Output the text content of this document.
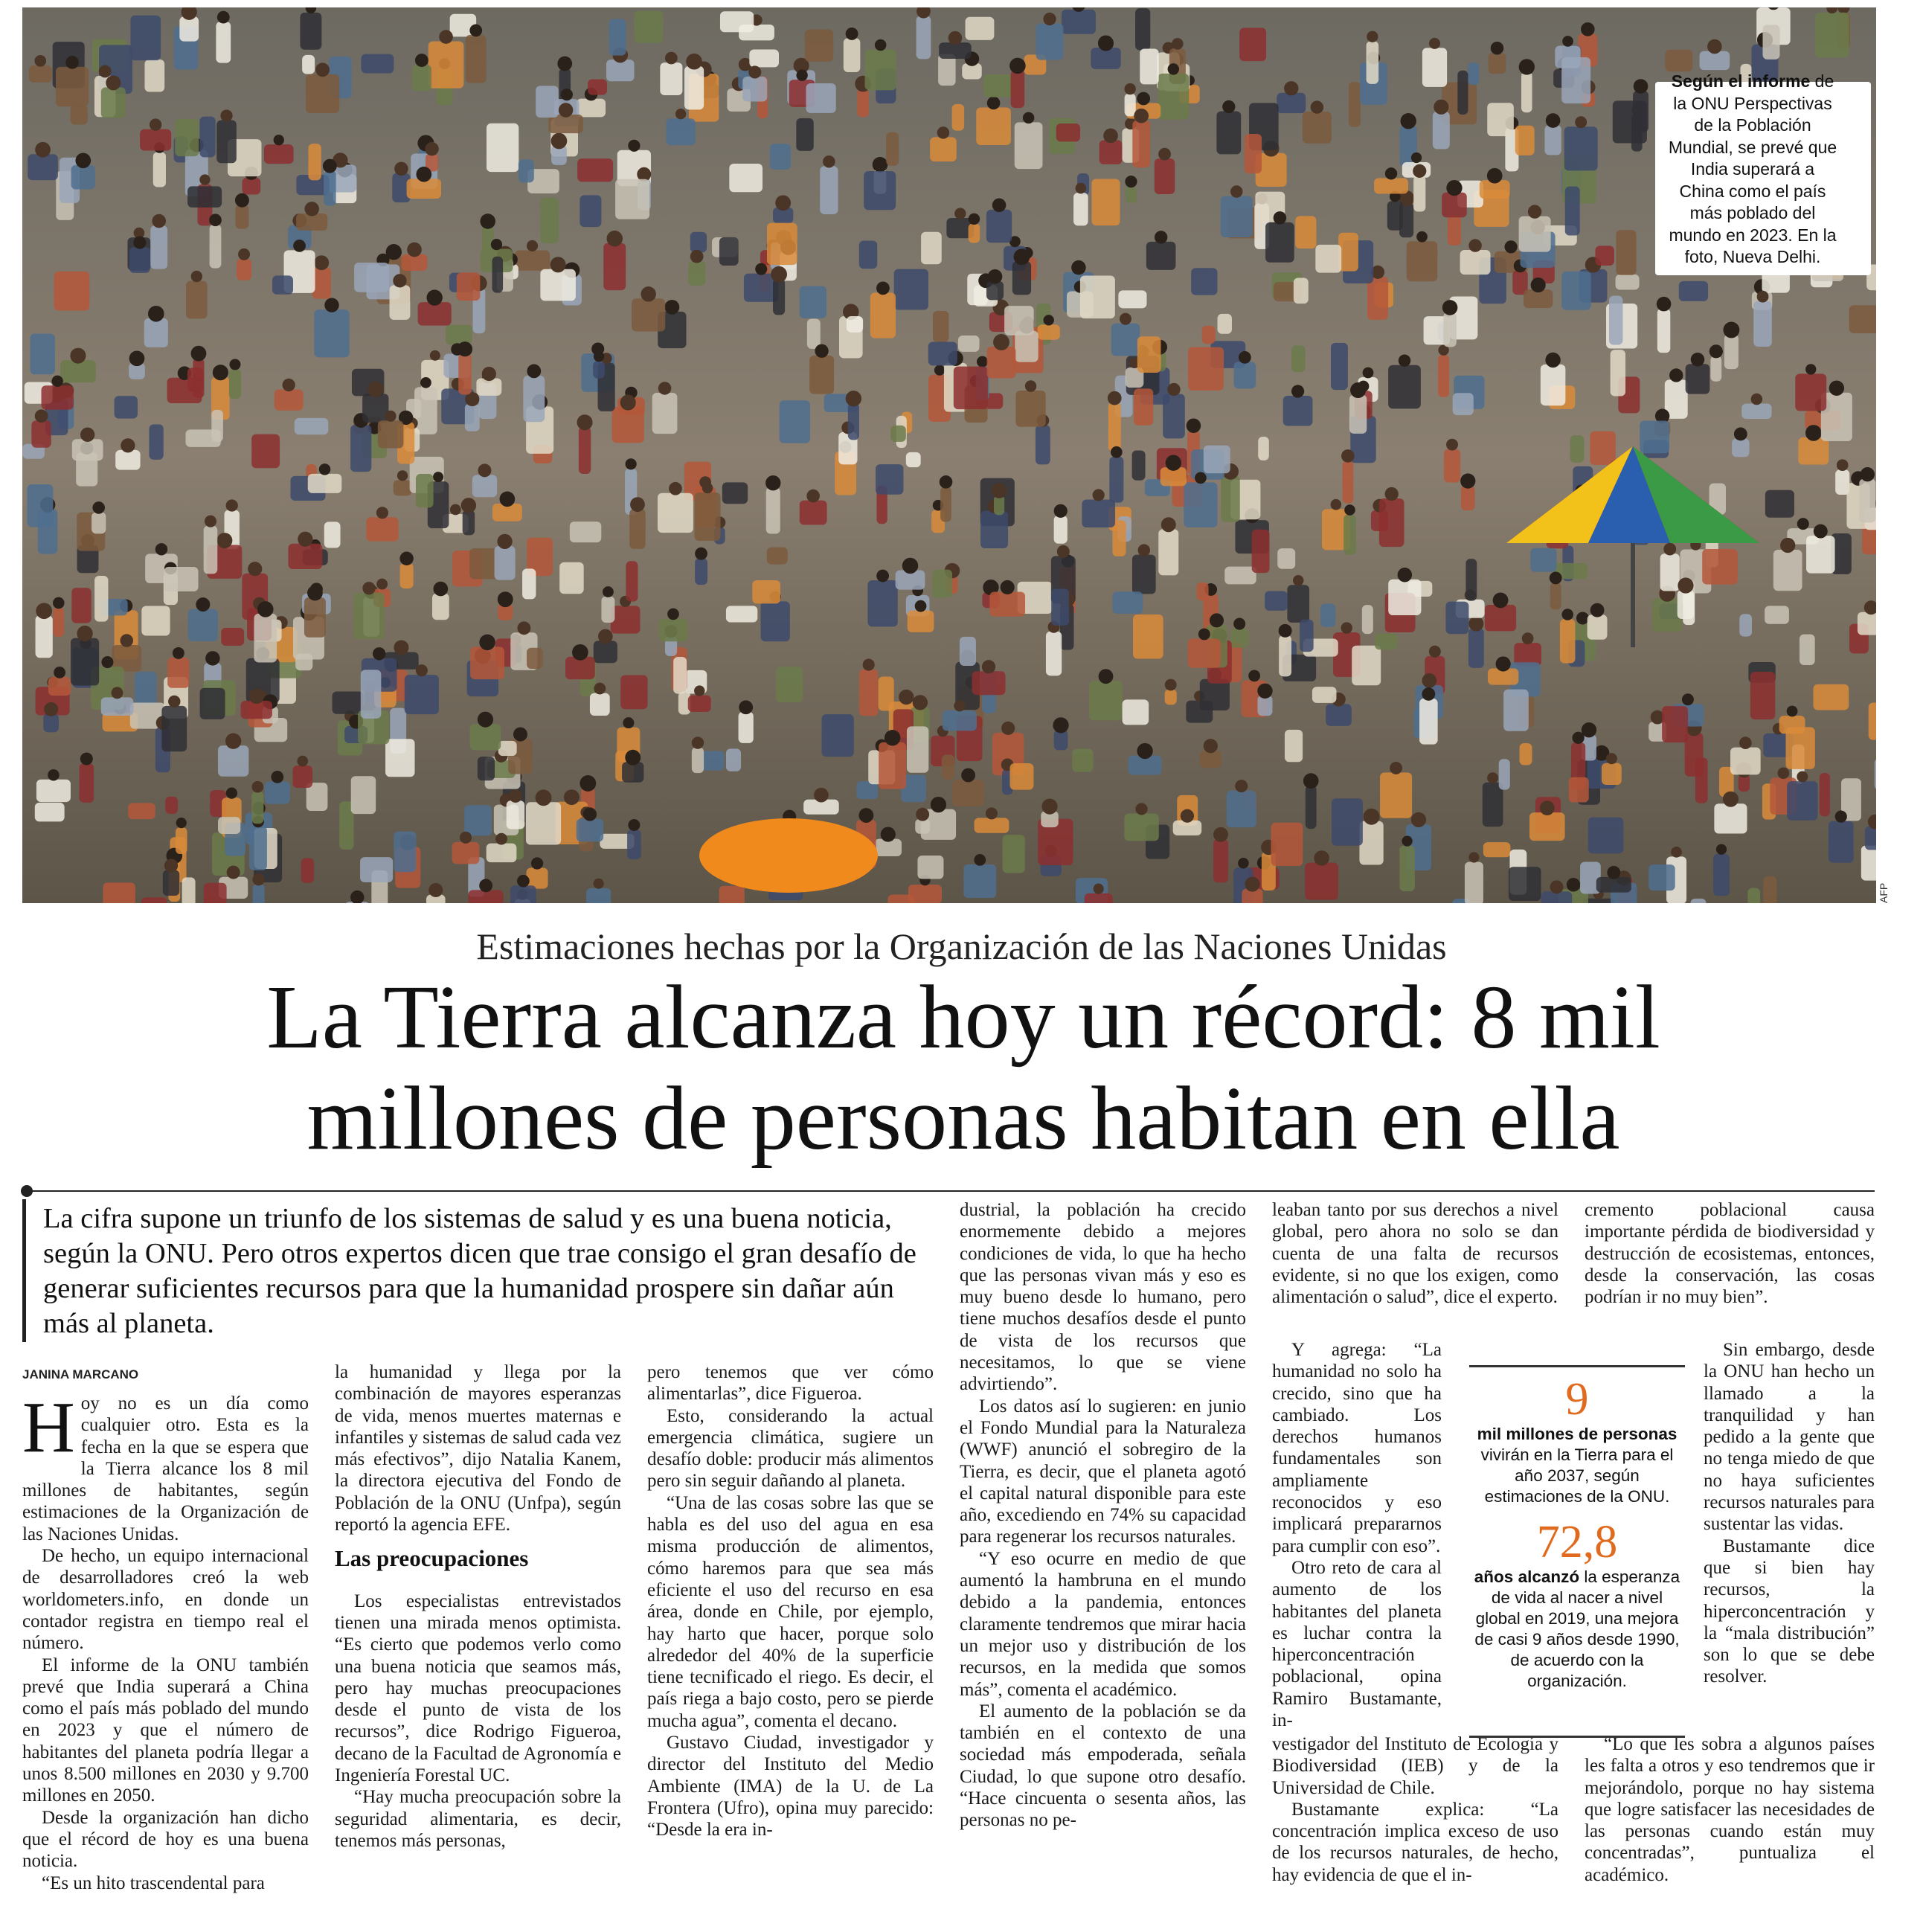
AFP
Según el informe de la ONU Perspectivas de la Población Mundial, se prevé que India superará a China como el país más poblado del mundo en 2023. En la foto, Nueva Delhi.
Estimaciones hechas por la Organización de las Naciones Unidas
La Tierra alcanza hoy un récord: 8 mil millones de personas habitan en ella
La cifra supone un triunfo de los sistemas de salud y es una buena noticia, según la ONU. Pero otros expertos dicen que trae consigo el gran desafío de generar suficientes recursos para que la humanidad prospere sin dañar aún más al planeta.
JANINA MARCANO

Hoy no es un día como cualquier otro. Esta es la fecha en la que se espera que la Tierra alcance los 8 mil millones de habitantes, según estimaciones de la Organización de las Naciones Unidas.

De hecho, un equipo internacional de desarrolladores creó la web worldometers.info, en donde un contador registra en tiempo real el número.

El informe de la ONU también prevé que India superará a China como el país más poblado del mundo en 2023 y que el número de habitantes del planeta podría llegar a unos 8.500 millones en 2030 y 9.700 millones en 2050.

Desde la organización han dicho que el récord de hoy es una buena noticia.

“Es un hito trascendental para

la humanidad y llega por la combinación de mayores esperanzas de vida, menos muertes maternas e infantiles y sistemas de salud cada vez más efectivos”, dijo Natalia Kanem, la directora ejecutiva del Fondo de Población de la ONU (Unfpa), según reportó la agencia EFE.

Las preocupaciones

Los especialistas entrevistados tienen una mirada menos optimista. “Es cierto que podemos verlo como una buena noticia que seamos más, pero hay muchas preocupaciones desde el punto de vista de los recursos”, dice Rodrigo Figueroa, decano de la Facultad de Agronomía e Ingeniería Forestal UC.

“Hay mucha preocupación sobre la seguridad alimentaria, es decir, tenemos más personas,

pero tenemos que ver cómo alimentarlas”, dice Figueroa.

Esto, considerando la actual emergencia climática, sugiere un desafío doble: producir más alimentos pero sin seguir dañando al planeta.

“Una de las cosas sobre las que se habla es del uso del agua en esa misma producción de alimentos, cómo haremos para que sea más eficiente el uso del recurso en esa área, donde en Chile, por ejemplo, hay harto que hacer, porque solo alrededor del 40% de la superficie tiene tecnificado el riego. Es decir, el país riega a bajo costo, pero se pierde mucha agua”, comenta el decano.

Gustavo Ciudad, investigador y director del Instituto del Medio Ambiente (IMA) de la U. de La Frontera (Ufro), opina muy parecido: “Desde la era in-

dustrial, la población ha crecido enormemente debido a mejores condiciones de vida, lo que ha hecho que las personas vivan más y eso es muy bueno desde lo humano, pero tiene muchos desafíos desde el punto de vista de los recursos que necesitamos, lo que se viene advirtiendo”.

Los datos así lo sugieren: en junio el Fondo Mundial para la Naturaleza (WWF) anunció el sobregiro de la Tierra, es decir, que el planeta agotó el capital natural disponible para este año, excediendo en 74% su capacidad para regenerar los recursos naturales.

“Y eso ocurre en medio de que aumentó la hambruna en el mundo debido a la pandemia, entonces claramente tendremos que mirar hacia un mejor uso y distribución de los recursos, en la medida que somos más”, comenta el académico.

El aumento de la población se da también en el contexto de una sociedad más empoderada, señala Ciudad, lo que supone otro desafío. “Hace cincuenta o sesenta años, las personas no pe-

leaban tanto por sus derechos a nivel global, pero ahora no solo se dan cuenta de una falta de recursos evidente, si no que los exigen, como alimentación o salud”, dice el experto.

Y agrega: “La humanidad no solo ha crecido, sino que ha cambiado. Los derechos humanos fundamentales son ampliamente reconocidos y eso implicará prepararnos para cumplir con eso”.

Otro reto de cara al aumento de los habitantes del planeta es luchar contra la hiperconcentración poblacional, opina Ramiro Bustamante, in-

vestigador del Instituto de Ecología y Biodiversidad (IEB) y de la Universidad de Chile.

Bustamante explica: “La concentración implica exceso de uso de los recursos naturales, de hecho, hay evidencia de que el in-

cremento poblacional causa importante pérdida de biodiversidad y destrucción de ecosistemas, entonces, desde la conservación, las cosas podrían ir no muy bien”.

Sin embargo, desde la ONU han hecho un llamado a la tranquilidad y han pedido a la gente que no tenga miedo de que no haya suficientes recursos naturales para sustentar las vidas.

Bustamante dice que si bien hay recursos, la hiperconcentración y la “mala distribución” son lo que se debe resolver.

“Lo que les sobra a algunos países les falta a otros y eso tendremos que ir mejorándolo, porque no hay sistema que logre satisfacer las necesidades de las personas cuando están muy concentradas”, puntualiza el académico.

9
mil millones de personas vivirán en la Tierra para el año 2037, según estimaciones de la ONU.
72,8
años alcanzó la esperanza de vida al nacer a nivel global en 2019, una mejora de casi 9 años desde 1990, de acuerdo con la organización.
